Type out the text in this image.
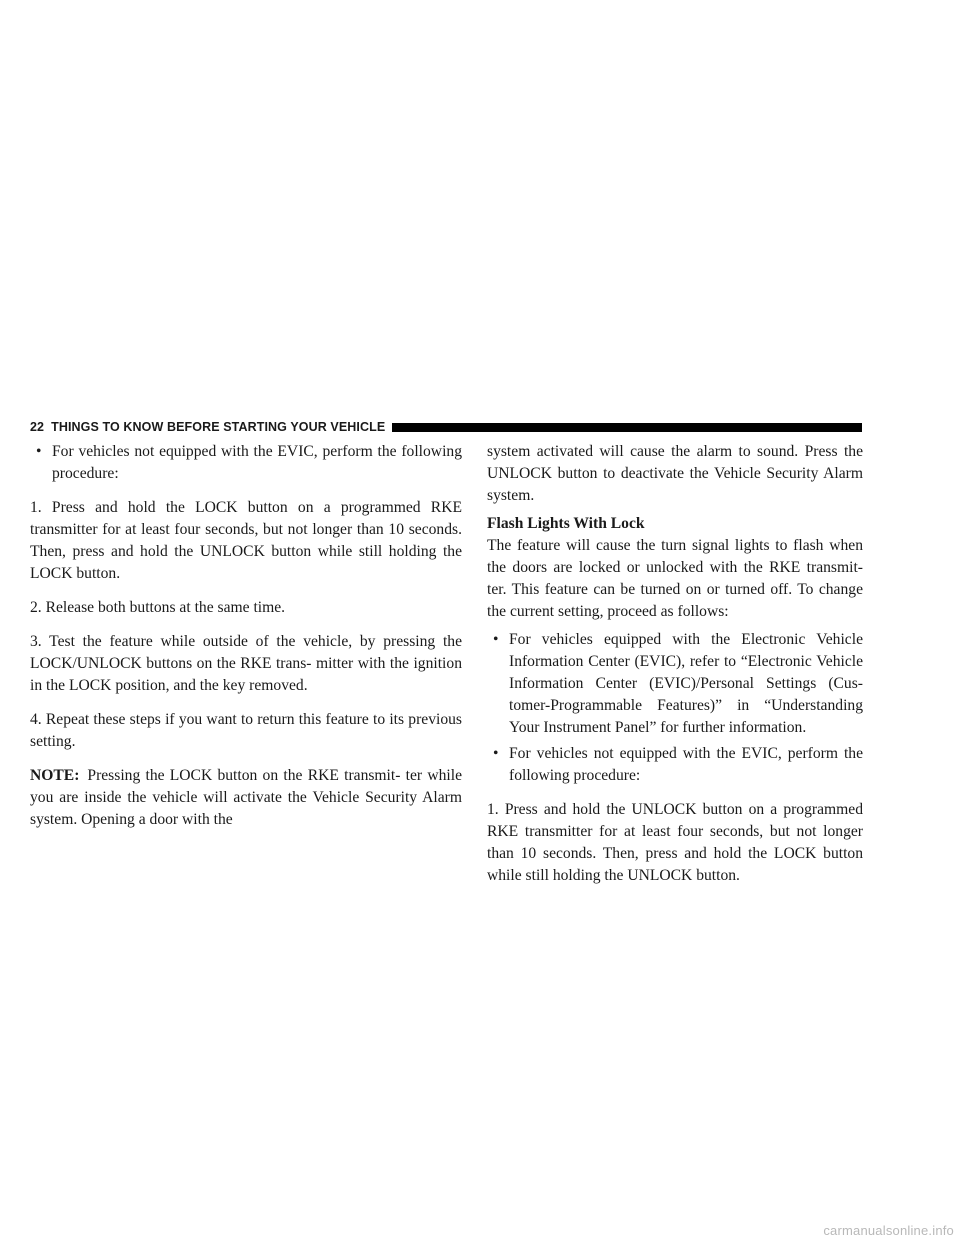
22 THINGS TO KNOW BEFORE STARTING YOUR VEHICLE
• For vehicles not equipped with the EVIC, perform the following procedure:

1. Press and hold the LOCK button on a programmed RKE transmitter for at least four seconds, but not longer than 10 seconds. Then, press and hold the UNLOCK button while still holding the LOCK button.

2. Release both buttons at the same time.

3. Test the feature while outside of the vehicle, by pressing the LOCK/UNLOCK buttons on the RKE trans- mitter with the ignition in the LOCK position, and the key removed.

4. Repeat these steps if you want to return this feature to its previous setting.

NOTE: Pressing the LOCK button on the RKE transmit- ter while you are inside the vehicle will activate the Vehicle Security Alarm system. Opening a door with the

system activated will cause the alarm to sound. Press the UNLOCK button to deactivate the Vehicle Security Alarm system.

Flash Lights With Lock

The feature will cause the turn signal lights to flash when the doors are locked or unlocked with the RKE transmit- ter. This feature can be turned on or turned off. To change the current setting, proceed as follows:

• For vehicles equipped with the Electronic Vehicle Information Center (EVIC), refer to “Electronic Vehicle Information Center (EVIC)/Personal Settings (Cus- tomer-Programmable Features)” in “Understanding Your Instrument Panel” for further information.
• For vehicles not equipped with the EVIC, perform the following procedure:

1. Press and hold the UNLOCK button on a programmed RKE transmitter for at least four seconds, but not longer than 10 seconds. Then, press and hold the LOCK button while still holding the UNLOCK button.

carmanualsonline.info
